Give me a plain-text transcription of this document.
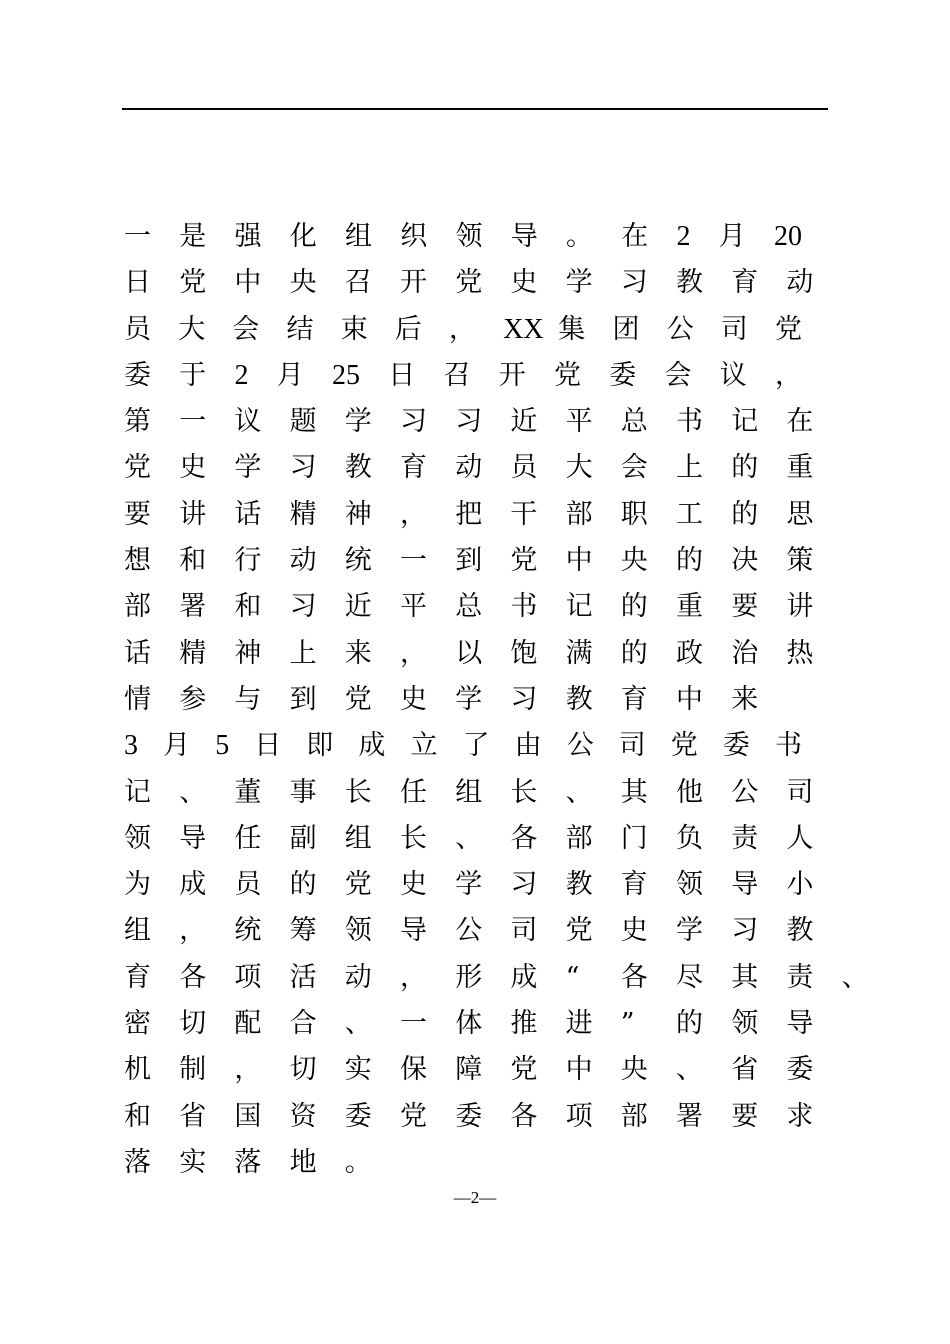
一 是 强 化 组 织 领 导 。 在 2 月 20
日 党 中 央 召 开 党 史 学 习 教 育 动
员 大 会 结 束 后 ， XX 集 团 公 司 党
委 于 2 月 25 日 召 开 党 委 会 议 ，
第 一 议 题 学 习 习 近 平 总 书 记 在
党 史 学 习 教 育 动 员 大 会 上 的 重
要 讲 话 精 神 ， 把 干 部 职 工 的 思
想 和 行 动 统 一 到 党 中 央 的 决 策
部 署 和 习 近 平 总 书 记 的 重 要 讲
话 精 神 上 来 ， 以 饱 满 的 政 治 热
情 参 与 到 党 史 学 习 教 育 中 来
3 月 5 日 即 成 立 了 由 公 司 党 委 书
记 、 董 事 长 任 组 长 、 其 他 公 司
领 导 任 副 组 长 、 各 部 门 负 责 人
为 成 员 的 党 史 学 习 教 育 领 导 小
组 ， 统 筹 领 导 公 司 党 史 学 习 教
育 各 项 活 动 ， 形 成 “ 各 尽 其 责 、
密 切 配 合 、 一 体 推 进 ” 的 领 导
机 制 ， 切 实 保 障 党 中 央 、 省 委
和 省 国 资 委 党 委 各 项 部 署 要 求
落 实 落 地 。
—2—
